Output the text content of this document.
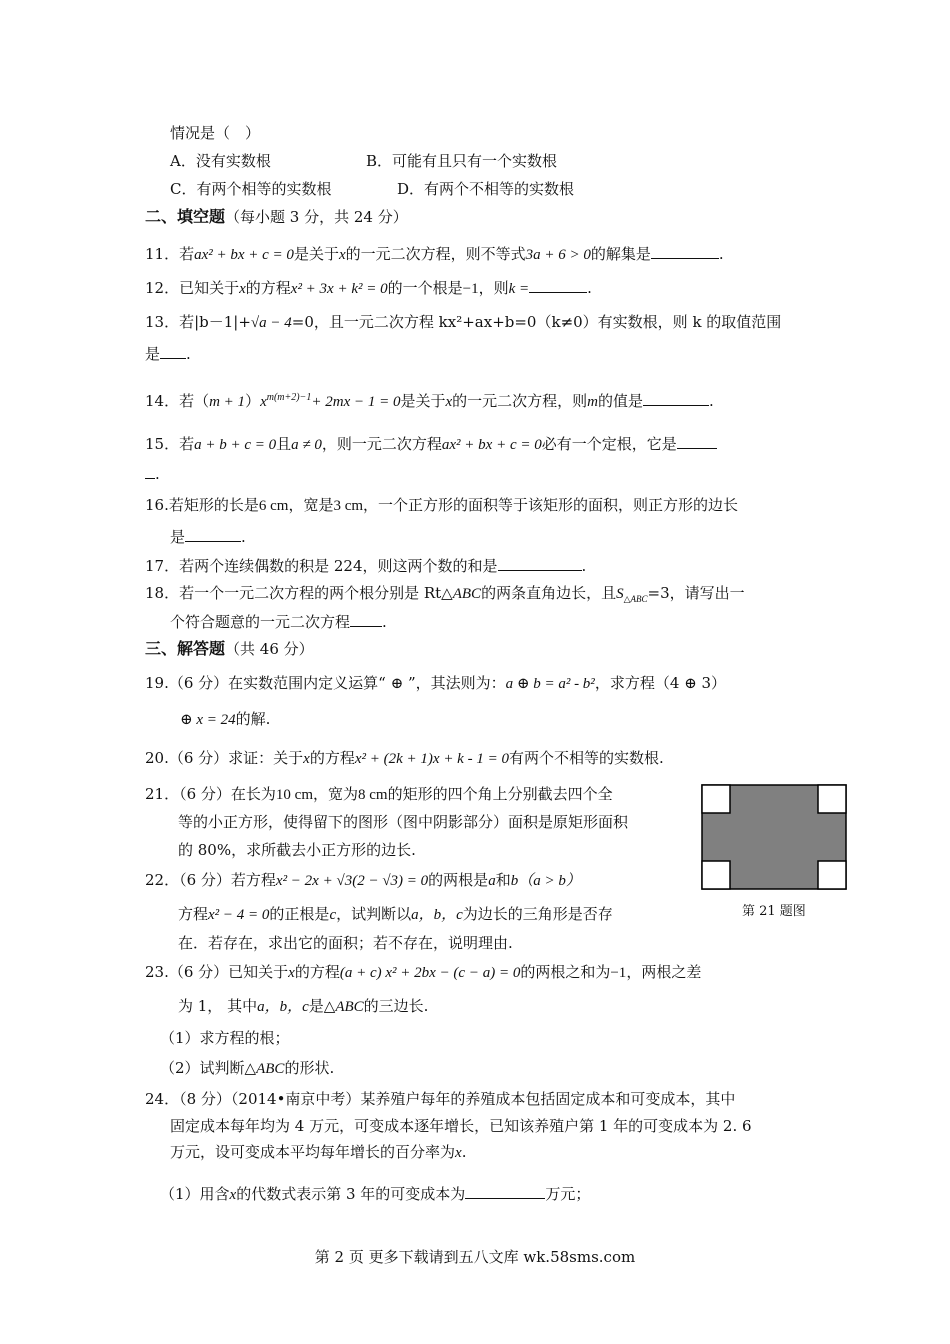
情况是（　）
A．没有实数根	B．可能有且只有一个实数根
C．有两个相等的实数根	D．有两个不相等的实数根
二、填空题（每小题 3 分，共 24 分）
11．若ax² + bx + c = 0是关于x的一元二次方程，则不等式3a + 6 > 0的解集是	.
12．已知关于x的方程x² + 3x + k² = 0的一个根是−1，则k =	.
13．若|b－1|+√a − 4=0，且一元二次方程 kx²+ax+b=0（k≠0）有实数根，则 k 的取值范围
是 .
14．若$(m + 1)x^{m(m+2)-1}+ 2mx - 1 = 0$是关于x的一元二次方程，则m的值是	.
15．若a + b + c = 0且a ≠ 0，则一元二次方程ax² + bx + c = 0必有一个定根，它是
.
16.若矩形的长是6 cm，宽是3 cm，一个正方形的面积等于该矩形的面积，则正方形的边长
是	.
17．若两个连续偶数的积是 224，则这两个数的和是	.
18．若一个一元二次方程的两个根分别是 Rt△ABC的两条直角边长，且$S_{\triangle ABC}=3$，请写出一
个符合题意的一元二次方程 .
三、解答题（共 46 分）
19.（6 分）在实数范围内定义运算“ ⊕ ”，其法则为：a ⊕ b = a² - b²，求方程（4 ⊕ 3）
⊕ x = 24的解.
20.（6 分）求证：关于x的方程x² + (2k + 1)x + k - 1 = 0有两个不相等的实数根.
21．（6 分）在长为10 cm，宽为8 cm的矩形的四个角上分别截去四个全
等的小正方形，使得留下的图形（图中阴影部分）面积是原矩形面积
的 80%，求所截去小正方形的边长.
第 21 题图
22．（6 分）若方程x² − 2x + √3(2 − √3) = 0的两根是a和b（a > b）
方程x² − 4 = 0的正根是c，试判断以a，b，c为边长的三角形是否存
在．若存在，求出它的面积；若不存在，说明理由.
23.（6 分）已知关于x的方程(a + c) x² + 2bx − (c − a) = 0的两根之和为−1，两根之差
为 1， 其中a，b，c是△ABC的三边长.
（1）求方程的根；
（2）试判断△ABC的形状.
24．（8 分）（2014•南京中考）某养殖户每年的养殖成本包括固定成本和可变成本，其中
固定成本每年均为 4 万元，可变成本逐年增长，已知该养殖户第 1 年的可变成本为 2. 6
万元，设可变成本平均每年增长的百分率为x.
（1）用含x的代数式表示第 3 年的可变成本为	万元；
第 2 页 更多下载请到五八文库 wk.58sms.com
